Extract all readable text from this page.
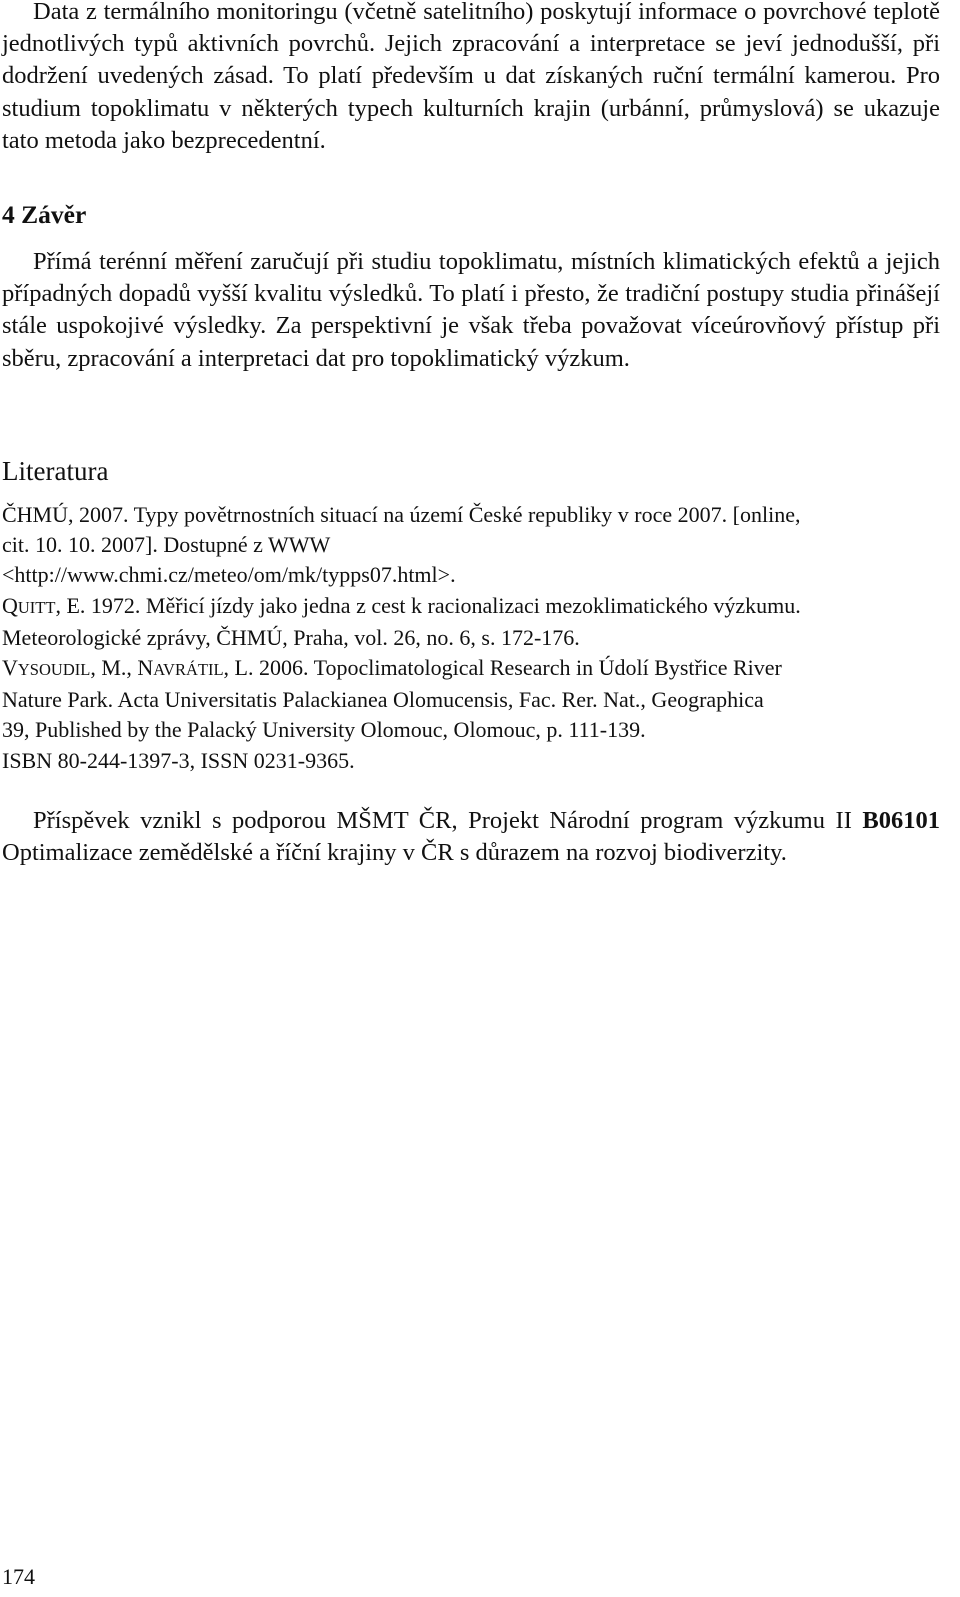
Data z termálního monitoringu (včetně satelitního) poskytují informace o povrchové teplotě jednotlivých typů aktivních povrchů. Jejich zpracování a interpretace se jeví jednodušší, při dodržení uvedených zásad. To platí především u dat získaných ruční termální kamerou. Pro studium topoklimatu v některých typech kulturních krajin (urbánní, průmyslová) se ukazuje tato metoda jako bezprecedentní.

4 Závěr

Přímá terénní měření zaručují při studiu topoklimatu, místních klimatických efektů a jejich případných dopadů vyšší kvalitu výsledků. To platí i přesto, že tradiční postupy studia přinášejí stále uspokojivé výsledky. Za perspektivní je však třeba považovat víceúrovňový přístup při sběru, zpracování a interpretaci dat pro topoklimatický výzkum.

Literatura
ČHMÚ, 2007. Typy povětrnostních situací na území České republiky v roce 2007. [online,
cit. 10. 10. 2007]. Dostupné z WWW
<http://www.chmi.cz/meteo/om/mk/typps07.html>.
QUITT, E. 1972. Měřicí jízdy jako jedna z cest k racionalizaci mezoklimatického výzkumu.
Meteorologické zprávy, ČHMÚ, Praha, vol. 26, no. 6, s. 172-176.
VYSOUDIL, M., NAVRÁTIL, L. 2006. Topoclimatological Research in Údolí Bystřice River
Nature Park. Acta Universitatis Palackianea Olomucensis, Fac. Rer. Nat., Geographica
39, Published by the Palacký University Olomouc, Olomouc, p. 111-139.
ISBN 80-244-1397-3, ISSN 0231-9365.

Příspěvek vznikl s podporou MŠMT ČR, Projekt Národní program výzkumu II B06101 Optimalizace zemědělské a říční krajiny v ČR s důrazem na rozvoj biodiverzity.

174
